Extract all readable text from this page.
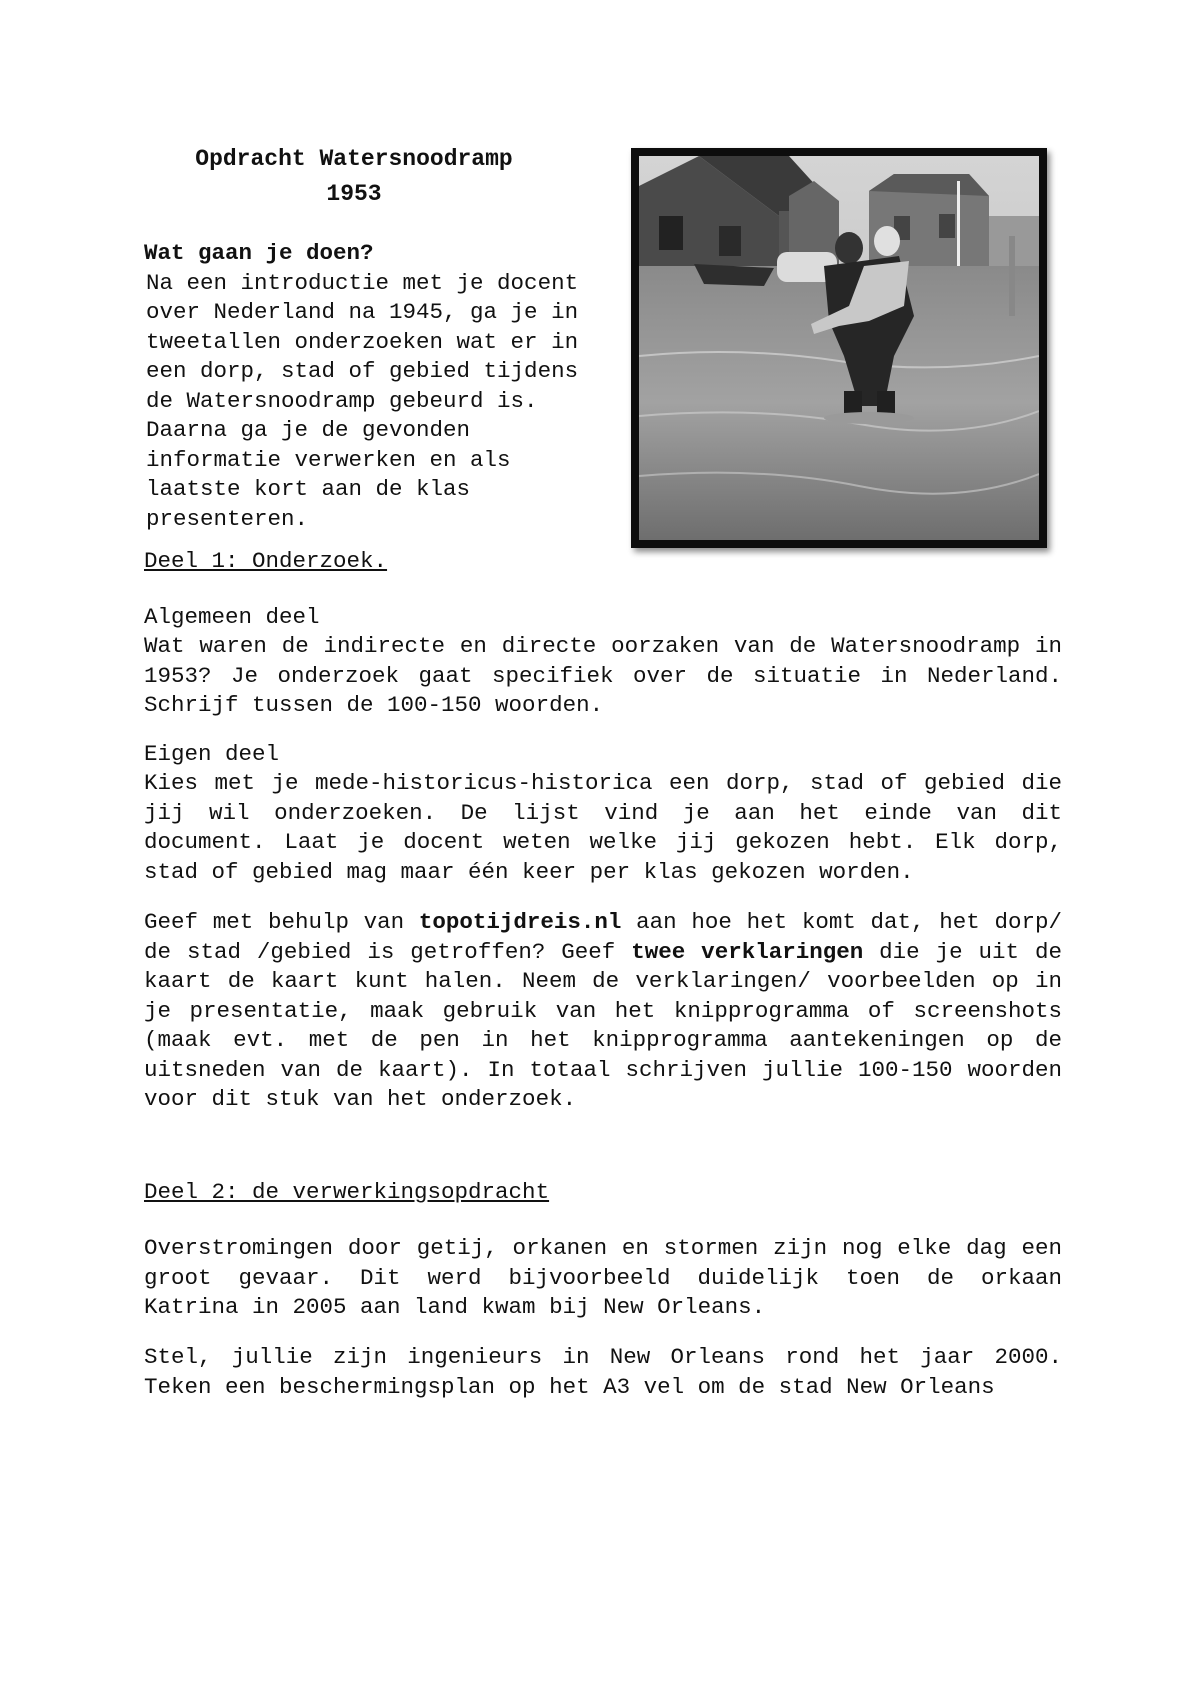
Opdracht Watersnoodramp
1953
Wat gaan je doen?
Na een introductie met je docent over Nederland na 1945, ga je in tweetallen onderzoeken wat er in een dorp, stad of gebied tijdens de Watersnoodramp gebeurd is. Daarna ga je de gevonden informatie verwerken en als laatste kort aan de klas presenteren.
Deel 1: Onderzoek.
Algemeen deel
Wat waren de indirecte en directe oorzaken van de Watersnoodramp in 1953? Je onderzoek gaat specifiek over de situatie in Nederland. Schrijf tussen de 100-150 woorden.
Eigen deel
Kies met je mede-historicus-historica een dorp, stad of gebied die jij wil onderzoeken. De lijst vind je aan het einde van dit document. Laat je docent weten welke jij gekozen hebt. Elk dorp, stad of gebied mag maar één keer per klas gekozen worden.
Geef met behulp van topotijdreis.nl aan hoe het komt dat, het dorp/ de stad /gebied is getroffen? Geef twee verklaringen die je uit de kaart de kaart kunt halen. Neem de verklaringen/ voorbeelden op in je presentatie, maak gebruik van het knipprogramma of screenshots (maak evt. met de pen in het knipprogramma aantekeningen op de uitsneden van de kaart). In totaal schrijven jullie 100-150 woorden voor dit stuk van het onderzoek.
Deel 2: de verwerkingsopdracht
Overstromingen door getij, orkanen en stormen zijn nog elke dag een groot gevaar. Dit werd bijvoorbeeld duidelijk toen de orkaan Katrina in 2005 aan land kwam bij New Orleans.
Stel, jullie zijn ingenieurs in New Orleans rond het jaar 2000. Teken een beschermingsplan op het A3 vel om de stad New Orleans
